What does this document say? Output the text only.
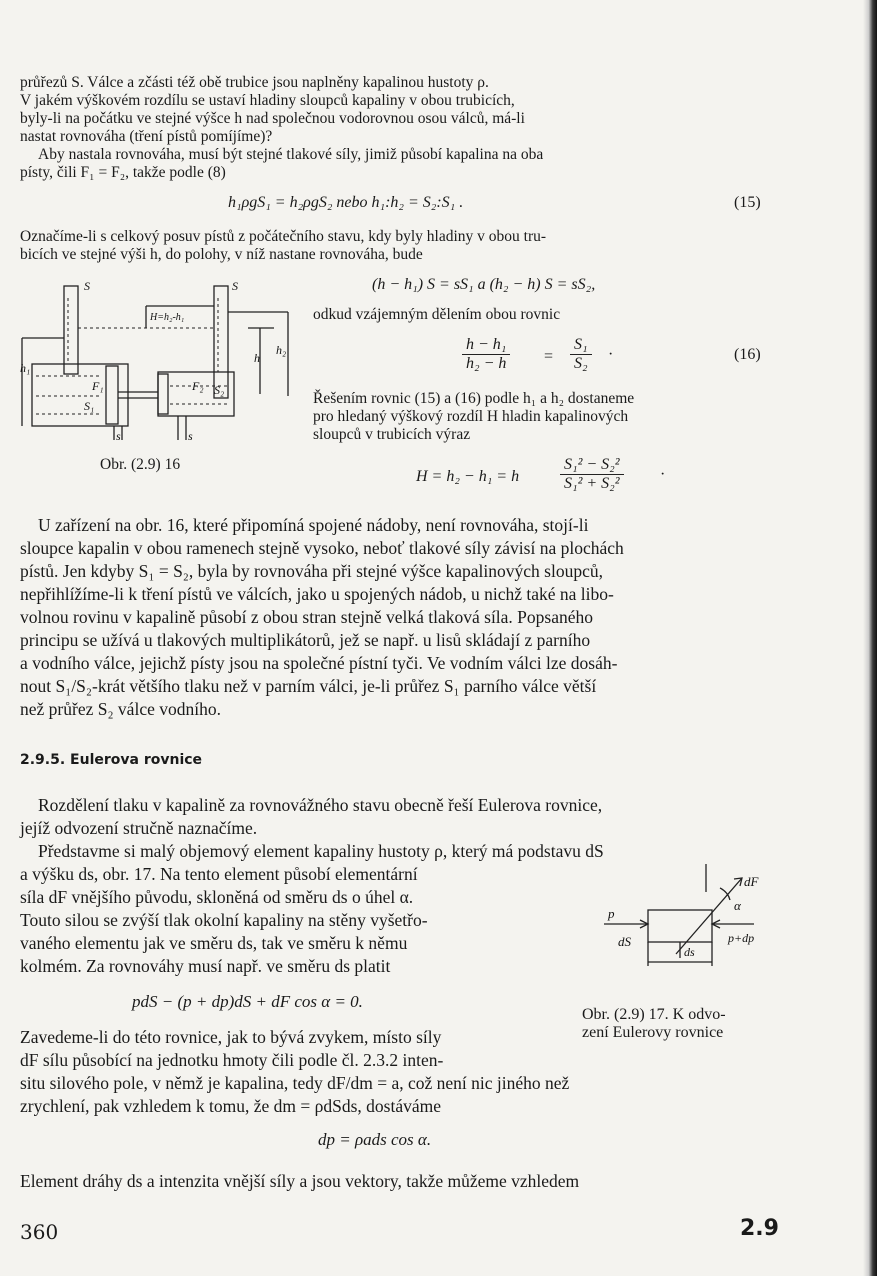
průřezů S. Válce a zčásti též obě trubice jsou naplněny kapalinou hustoty ρ.

V jakém výškovém rozdílu se ustaví hladiny sloupců kapaliny v obou trubicích,

byly-li na počátku ve stejné výšce h nad společnou vodorovnou osou válců, má-li

nastat rovnováha (tření pístů pomíjíme)?

Aby nastala rovnováha, musí být stejné tlakové síly, jimiž působí kapalina na oba

písty, čili F₁ = F₂, takže podle (8)

h₁ρgS₁ = h₂ρgS₂ nebo h₁:h₂ = S₂:S₁ .	(15)

Označíme-li s celkový posuv pístů z počátečního stavu, kdy byly hladiny v obou tru-

bicích ve stejné výši h, do polohy, v níž nastane rovnováha, bude

S	S
H=h₂-h₁
h
h₁
h₂
F₁	F₂
S₁
S₂
s	s

Obr. (2.9) 16

(h − h₁) S = sS₁ a (h₂ − h) S = sS₂,

odkud vzájemným dělením obou rovnic

$\frac{\text{h − h₁}}{\text{h₂ − h}} = \frac{\text{S₁}}{\text{S₂}}$ ·	(16)

Řešením rovnic (15) a (16) podle h₁ a h₂ dostaneme

pro hledaný výškový rozdíl H hladin kapalinových

sloupců v trubicích výraz

H = h₂ − h₁ = h	$\frac{\text{S₁² − S₂²}}{\text{S₁² + S₂²}}$ ·

U zařízení na obr. 16, které připomíná spojené nádoby, není rovnováha, stojí-li

sloupce kapalin v obou ramenech stejně vysoko, neboť tlakové síly závisí na plochách

pístů. Jen kdyby S₁ = S₂, byla by rovnováha při stejné výšce kapalinových sloupců,

nepřihlížíme-li k tření pístů ve válcích, jako u spojených nádob, u nichž také na libo-

volnou rovinu v kapalině působí z obou stran stejně velká tlaková síla. Popsaného

principu se užívá u tlakových multiplikátorů, jež se např. u lisů skládají z parního

a vodního válce, jejichž písty jsou na společné pístní tyči. Ve vodním válci lze dosáh-

nout S₁/S₂-krát většího tlaku než v parním válci, je-li průřez S₁ parního válce větší

než průřez S₂ válce vodního.

2.9.5. Eulerova rovnice

Rozdělení tlaku v kapalině za rovnovážného stavu obecně řeší Eulerova rovnice,

jejíž odvození stručně naznačíme.

Představme si malý objemový element kapaliny hustoty ρ, který má podstavu dS

a výšku ds, obr. 17. Na tento element působí elementární

síla dF vnějšího původu, skloněná od směru ds o úhel α.

Touto silou se zvýší tlak okolní kapaliny na stěny vyšetřo-

vaného elementu jak ve směru ds, tak ve směru k němu

kolmém. Za rovnováhy musí např. ve směru ds platit

pdS − (p + dp)dS + dF cos α = 0.

Zavedeme-li do této rovnice, jak to bývá zvykem, místo síly

dF sílu působící na jednotku hmoty čili podle čl. 2.3.2 inten-

situ silového pole, v němž je kapalina, tedy dF/dm = a, což není nic jiného než

zrychlení, pak vzhledem k tomu, že dm = ρdSds, dostáváme

dp = ρads cos α.

Element dráhy ds a intenzita vnější síly a jsou vektory, takže můžeme vzhledem

dF
α
p
dS	p+dp
ds

Obr. (2.9) 17. K odvo-

zení Eulerovy rovnice

360	2.9
